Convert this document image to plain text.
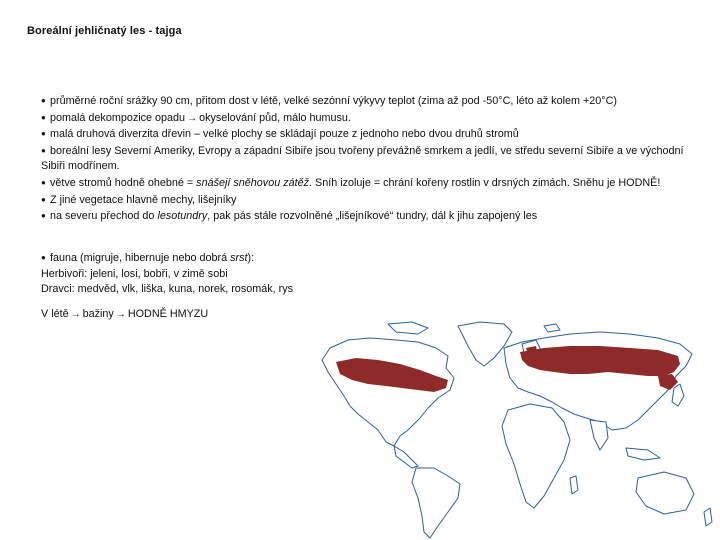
Boreální jehličnatý les - tajga
● průměrné roční srážky 90 cm, přitom dost v létě, velké sezónní výkyvy teplot (zima až pod -50°C, léto až kolem +20°C)
● pomalá dekompozice opadu → okyselování půd, málo humusu.
● malá druhová diverzita dřevin – velké plochy se skládají pouze z jednoho nebo dvou druhů stromů
● boreální lesy Severní Ameriky, Evropy a západní Sibiře jsou tvořeny převážně smrkem a jedlí, ve středu severní Sibiře a ve východní Sibiři modřínem.
● větve stromů hodně ohebné = snášejí sněhovou zátěž. Sníh izoluje = chrání kořeny rostlin v drsných zimách. Sněhu je HODNĚ!
● Z jiné vegetace hlavně mechy, lišejníky
● na severu přechod do lesotundry, pak pás stále rozvolněné „lišejníkové“ tundry, dál k jihu zapojený les
● fauna (migruje, hibernuje nebo dobrá srst):
Herbivoři: jeleni, losi, bobři, v zimě sobi
Dravci: medvěd, vlk, liška, kuna, norek, rosomák, rys
V létě → bažiny → HODNĚ HMYZU
